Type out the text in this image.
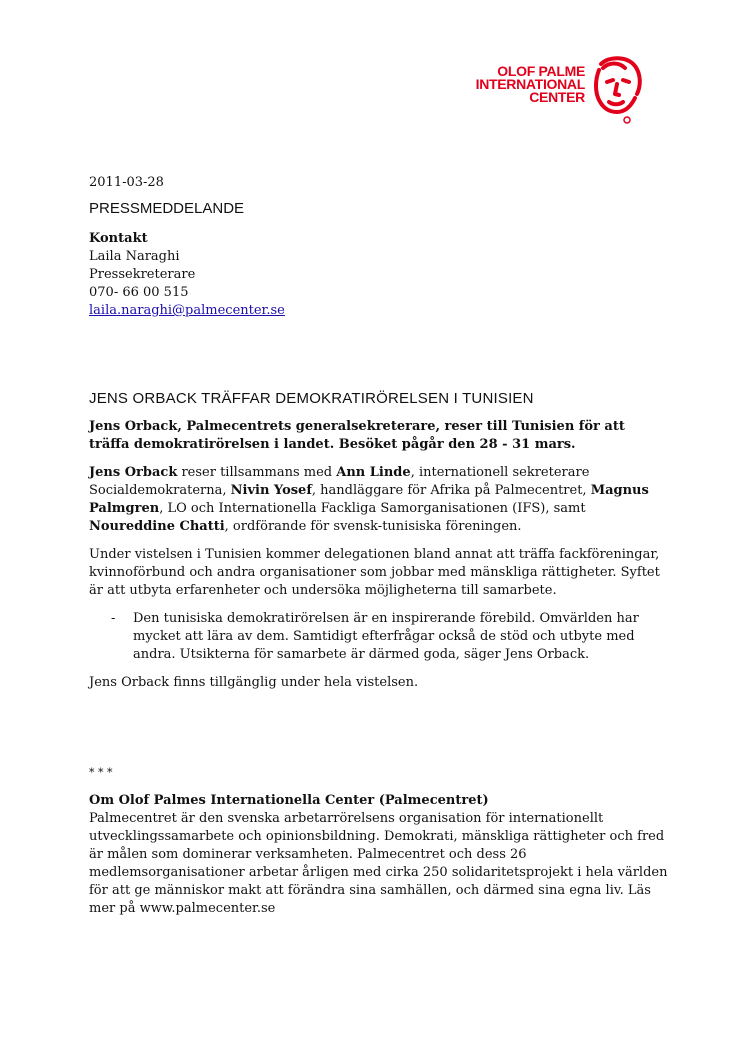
OLOF PALME
INTERNATIONAL
CENTER

2011-03-28

PRESSMEDDELANDE

Kontakt

Laila Naraghi

Pressekreterare

070- 66 00 515

laila.naraghi@palmecenter.se

JENS ORBACK TRÄFFAR DEMOKRATIRÖRELSEN I TUNISIEN

Jens Orback, Palmecentrets generalsekreterare, reser till Tunisien för att träffa demokratirörelsen i landet. Besöket pågår den 28 - 31 mars.

Jens Orback reser tillsammans med Ann Linde, internationell sekreterare Socialdemokraterna, Nivin Yosef, handläggare för Afrika på Palmecentret, Magnus Palmgren, LO och Internationella Fackliga Samorganisationen (IFS), samt Noureddine Chatti, ordförande för svensk-tunisiska föreningen.

Under vistelsen i Tunisien kommer delegationen bland annat att träffa fackföreningar, kvinnoförbund och andra organisationer som jobbar med mänskliga rättigheter. Syftet är att utbyta erfarenheter och undersöka möjligheterna till samarbete.

- Den tunisiska demokratirörelsen är en inspirerande förebild. Omvärlden har mycket att lära av dem. Samtidigt efterfrågar också de stöd och utbyte med andra. Utsikterna för samarbete är därmed goda, säger Jens Orback.

Jens Orback finns tillgänglig under hela vistelsen.

* * *

Om Olof Palmes Internationella Center (Palmecentret)

Palmecentret är den svenska arbetarrörelsens organisation för internationellt utvecklingssamarbete och opinionsbildning. Demokrati, mänskliga rättigheter och fred är målen som dominerar verksamheten. Palmecentret och dess 26 medlemsorganisationer arbetar årligen med cirka 250 solidaritetsprojekt i hela världen för att ge människor makt att förändra sina samhällen, och därmed sina egna liv. Läs mer på www.palmecenter.se
